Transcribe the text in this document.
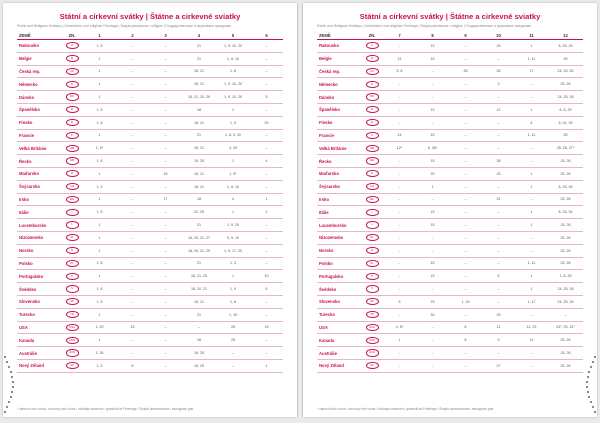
Státní a církevní svátky | Štátne a cirkevné sviatky
Public and Religious Holidays | Gesetzliche und religiöse Feiertage | Święta państwowe i religijne | Государственные и церковные праздники
ZEMĚ	ZN.	1	2	3	4	5	6
Rakousko	A	1, 6	–	–	21	1, 9, 10, 20	–
Belgie	B	1	–	–	21	1, 9, 10	–
Česká rep.	CZ	1	–	–	18, 21	1, 8	–
Německo	D	1	–	–	18, 21	1, 9, 10, 20	–
Dánsko	DK	1	–	–	18, 21, 20, 29	1, 9, 10, 20	5
Španělsko	E	1, 6	–	–	18	1	–
Finsko	FI	1, 6	–	–	18, 21	1, 9	20
Francie	F	1	–	–	21	1, 8, 9, 20	–
Velká Británie	GB	1, 2*	–	–	18, 21	4, 25	–
Řecko	GR	1, 6	–	–	15, 25	1	4
Maďarsko	H	1	–	15	18, 21	1, 9*	–
Švýcarsko	CH	1, 2	–	–	18, 21	1, 9, 10	–
Irsko	IRL	1	–	17	18	4	1
Itálie	I	1, 6	–	–	21, 25	1	2
Lucembursko	L	1	–	–	21	1, 9, 20	–
Nizozemsko	NL	1	–	–	18, 20, 21, 27	5, 9, 10	–
Norsko	N	1	–	–	18, 20, 21, 29	1, 9, 17, 20	–
Polsko	PL	1, 6	–	–	21	1, 3	–
Portugalsko	P	1	–	–	18, 21, 25	1	10
Švédsko	S	1, 6	–	–	18, 20, 21	1, 9	6
Slovensko	SK	1, 6	–	–	18, 21	1, 8	–
Turecko	TR	1	–	–	21	1, 19	–
USA	USA	1, 20	15	–	–	25	19
Kanada	CDN	1	–	–	18	25	–
Austrálie	AUS	1, 26	–	–	18, 25	–	–
Nový Zéland	NZ	1, 2	6	–	18, 25	–	1
* zahrnutí dne volna / volnocny deň volna / holidays observed / gesetzliche Feiertage / Święta obserwowane / выходные дни
Státní a církevní svátky | Štátne a cirkevné sviatky
Public and Religious Holidays | Gesetzliche und religiöse Feiertage | Święta państwowe i religijne | Государственные и церковные праздники
ZEMĚ	ZN.	7	8	9	10	11	12
Rakousko	A	–	15	–	26	1	8, 25, 26
Belgie	B	21	15	–	–	1, 11	25
Česká rep.	CZ	5, 6	–	28	28	17	24, 25, 26
Německo	D	–	–	–	3	–	25, 26
Dánsko	DK	–	–	–	–	–	24, 25, 26
Španělsko	E	–	15	–	12	1	6, 8, 25
Finsko	FI	–	–	–	–	4	6, 24, 25
Francie	F	14	15	–	–	1, 11	25
Velká Británie	GB	12*	5, 26*	–	–	–	25, 26, 27*
Řecko	GR	–	15	–	28	–	25, 26
Maďarsko	H	–	20	–	23	1	25, 26
Švýcarsko	CH	–	1	–	–	1	8, 25, 26
Irsko	IRL	–	–	–	31	–	25, 26
Itálie	I	–	15	–	–	1	8, 25, 26
Lucembursko	L	–	15	–	–	1	25, 26
Nizozemsko	NL	–	–	–	–	–	25, 26
Norsko	N	–	–	–	–	–	25, 26
Polsko	PL	–	15	–	–	1, 11	25, 26
Portugalsko	P	–	15	–	5	1	1, 8, 25
Švédsko	S	–	–	–	–	1	24, 25, 26
Slovensko	SK	5	29	1, 15	–	1, 17	24, 25, 26
Turecko	TR	–	30	–	29	–	–
USA	USA	4, 5*	–	6	11	11, 23	24*, 25, 31*
Kanada	CDN	1	–	6	9	11	25, 26
Austrálie	AUS	–	–	–	–	–	25, 26
Nový Zéland	NZ	–	–	–	27	–	25, 26
* zahrnutí dne volna / volnocny deň volna / holidays observed / gesetzliche Feiertage / Święta obserwowane / выходные дни
